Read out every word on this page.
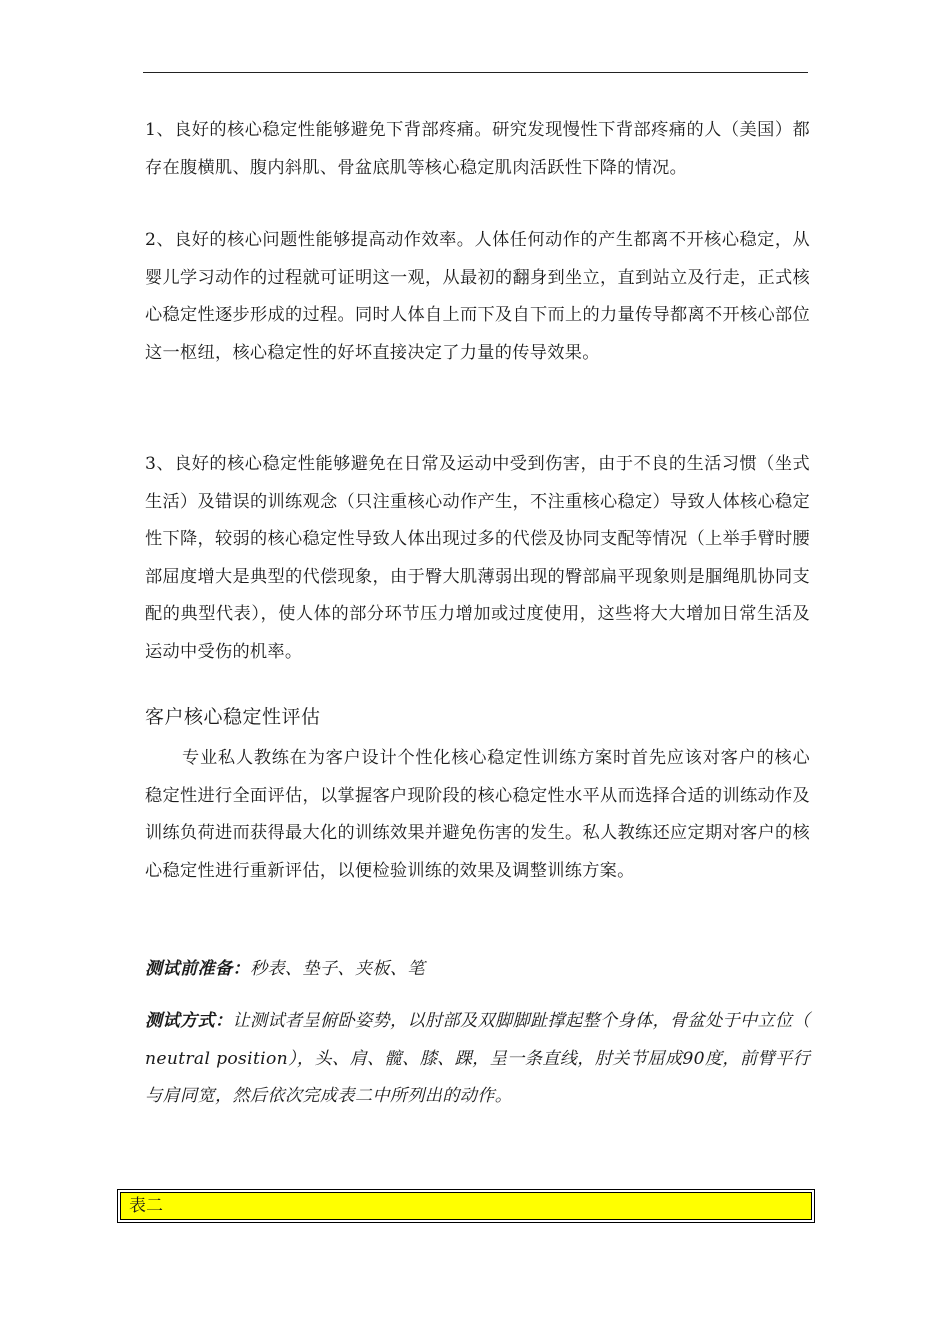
1、良好的核心稳定性能够避免下背部疼痛。研究发现慢性下背部疼痛的人（美国）都存在腹横肌、腹内斜肌、骨盆底肌等核心稳定肌肉活跃性下降的情况。

2、良好的核心问题性能够提高动作效率。人体任何动作的产生都离不开核心稳定，从婴儿学习动作的过程就可证明这一观，从最初的翻身到坐立，直到站立及行走，正式核心稳定性逐步形成的过程。同时人体自上而下及自下而上的力量传导都离不开核心部位这一枢纽，核心稳定性的好坏直接决定了力量的传导效果。

3、良好的核心稳定性能够避免在日常及运动中受到伤害，由于不良的生活习惯（坐式生活）及错误的训练观念（只注重核心动作产生，不注重核心稳定）导致人体核心稳定性下降，较弱的核心稳定性导致人体出现过多的代偿及协同支配等情况（上举手臂时腰部屈度增大是典型的代偿现象，由于臀大肌薄弱出现的臀部扁平现象则是腘绳肌协同支配的典型代表），使人体的部分环节压力增加或过度使用，这些将大大增加日常生活及运动中受伤的机率。

客户核心稳定性评估

专业私人教练在为客户设计个性化核心稳定性训练方案时首先应该对客户的核心稳定性进行全面评估，以掌握客户现阶段的核心稳定性水平从而选择合适的训练动作及训练负荷进而获得最大化的训练效果并避免伤害的发生。私人教练还应定期对客户的核心稳定性进行重新评估，以便检验训练的效果及调整训练方案。

测试前准备：秒表、垫子、夹板、笔

测试方式：让测试者呈俯卧姿势，以肘部及双脚脚趾撑起整个身体，骨盆处于中立位（ neutral position），头、肩、髋、膝、踝，呈一条直线，肘关节屈成90度，前臂平行与肩同宽，然后依次完成表二中所列出的动作。

表二
